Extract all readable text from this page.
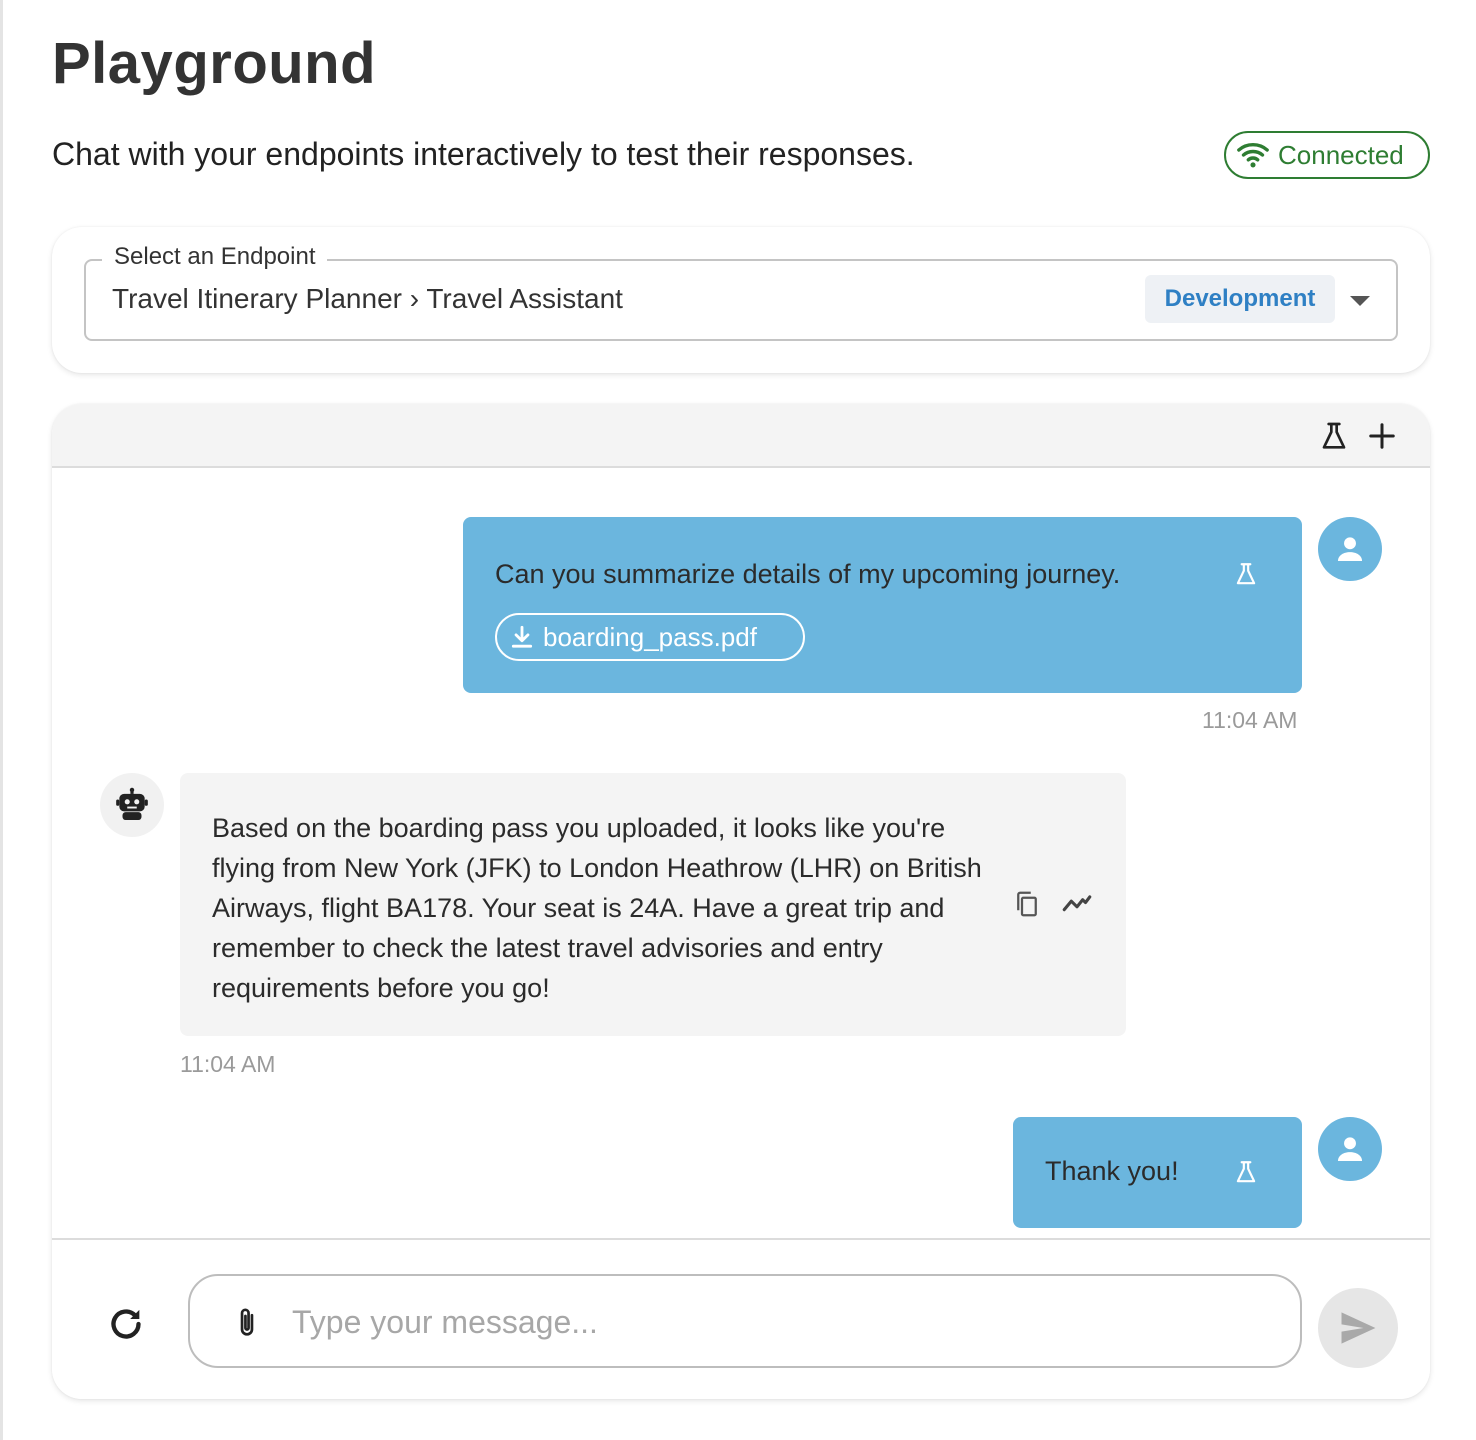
Playground

Chat with your endpoints interactively to test their responses.	Connected
Select an Endpoint
Travel Itinerary Planner › Travel Assistant	Development
Can you summarize details of my upcoming journey.
boarding_pass.pdf
11:04 AM

Based on the boarding pass you uploaded, it looks like you're flying from New York (JFK) to London Heathrow (LHR) on British Airways, flight BA178. Your seat is 24A. Have a great trip and remember to check the latest travel advisories and entry requirements before you go!

11:04 AM
Thank you!
Type your message...
